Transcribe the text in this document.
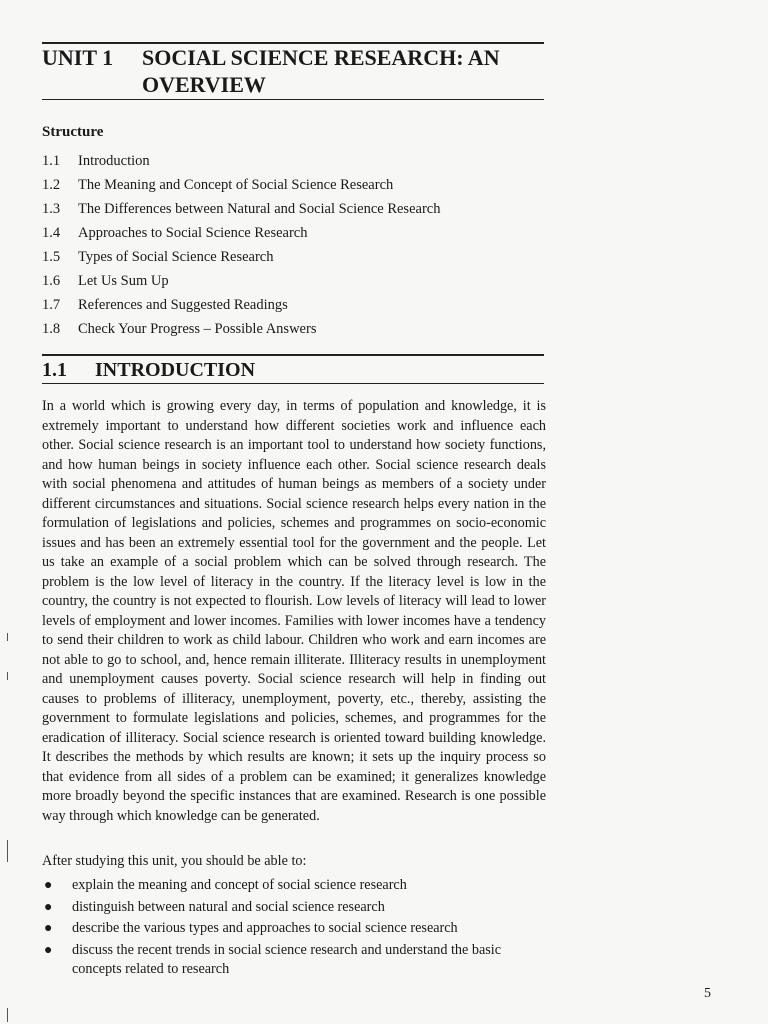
UNIT 1 SOCIAL SCIENCE RESEARCH: AN
OVERVIEW
Structure
1.1 Introduction
1.2 The Meaning and Concept of Social Science Research
1.3 The Differences between Natural and Social Science Research
1.4 Approaches to Social Science Research
1.5 Types of Social Science Research
1.6 Let Us Sum Up
1.7 References and Suggested Readings
1.8 Check Your Progress – Possible Answers
1.1 INTRODUCTION

In a world which is growing every day, in terms of population and knowledge, it is extremely important to understand how different societies work and influence each other. Social science research is an important tool to understand how society functions, and how human beings in society influence each other. Social science research deals with social phenomena and attitudes of human beings as members of a society under different circumstances and situations. Social science research helps every nation in the formulation of legislations and policies, schemes and programmes on socio-economic issues and has been an extremely essential tool for the government and the people. Let us take an example of a social problem which can be solved through research. The problem is the low level of literacy in the country. If the literacy level is low in the country, the country is not expected to flourish. Low levels of literacy will lead to lower levels of employment and lower incomes. Families with lower incomes have a tendency to send their children to work as child labour. Children who work and earn incomes are not able to go to school, and, hence remain illiterate. Illiteracy results in unemployment and unemployment causes poverty. Social science research will help in finding out causes to problems of illiteracy, unemployment, poverty, etc., thereby, assisting the government to formulate legislations and policies, schemes, and programmes for the eradication of illiteracy. Social science research is oriented toward building knowledge. It describes the methods by which results are known; it sets up the inquiry process so that evidence from all sides of a problem can be examined; it generalizes knowledge more broadly beyond the specific instances that are examined. Research is one possible way through which knowledge can be generated.

After studying this unit, you should be able to:

● explain the meaning and concept of social science research
● distinguish between natural and social science research
● describe the various types and approaches to social science research
● discuss the recent trends in social science research and understand the basic concepts related to research
5
